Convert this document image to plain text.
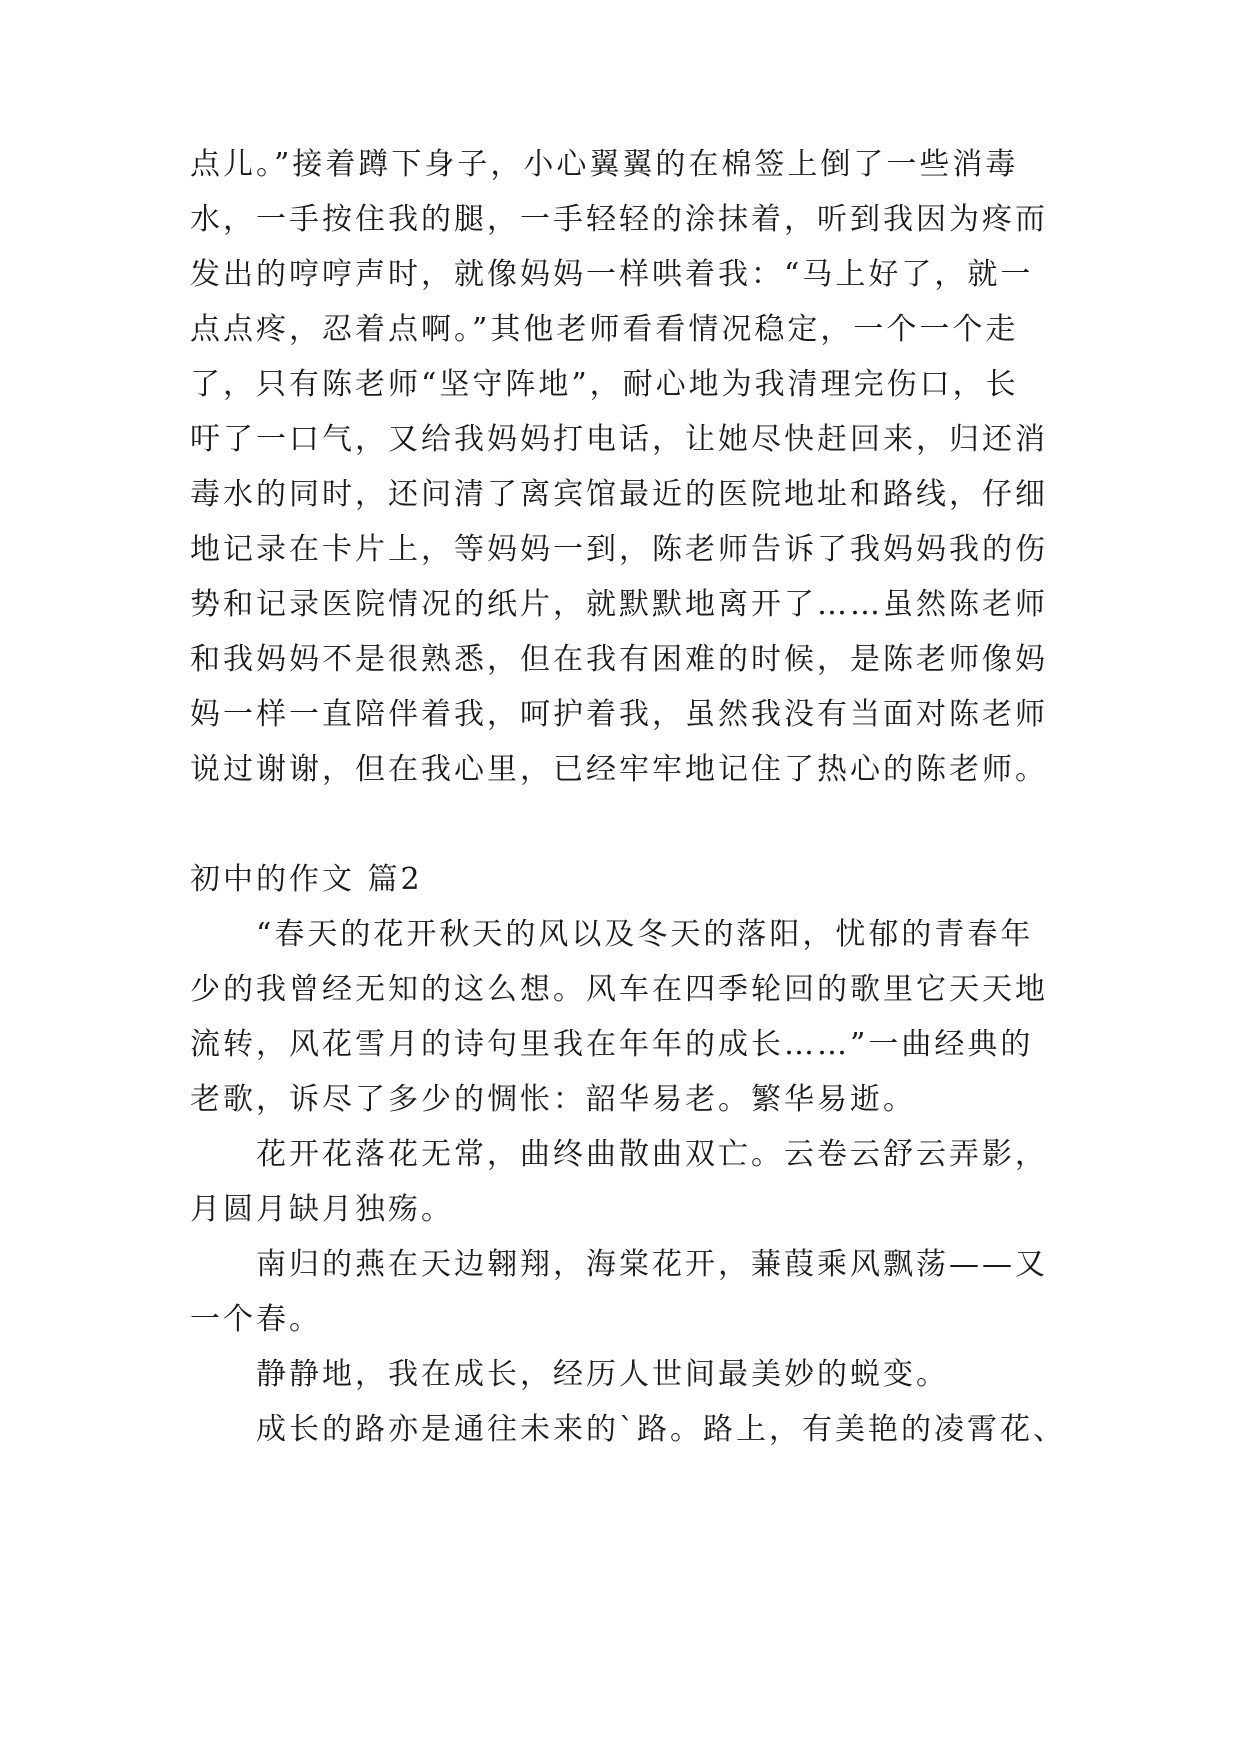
点儿。”接着蹲下身子，小心翼翼的在棉签上倒了一些消毒
水，一手按住我的腿，一手轻轻的涂抹着，听到我因为疼而
发出的哼哼声时，就像妈妈一样哄着我：“马上好了，就一
点点疼，忍着点啊。”其他老师看看情况稳定，一个一个走
了，只有陈老师“坚守阵地”，耐心地为我清理完伤口，长
吁了一口气，又给我妈妈打电话，让她尽快赶回来，归还消
毒水的同时，还问清了离宾馆最近的医院地址和路线，仔细
地记录在卡片上，等妈妈一到，陈老师告诉了我妈妈我的伤
势和记录医院情况的纸片，就默默地离开了……虽然陈老师
和我妈妈不是很熟悉，但在我有困难的时候，是陈老师像妈
妈一样一直陪伴着我，呵护着我，虽然我没有当面对陈老师
说过谢谢，但在我心里，已经牢牢地记住了热心的陈老师。
初中的作文 篇2
“春天的花开秋天的风以及冬天的落阳，忧郁的青春年
少的我曾经无知的这么想。风车在四季轮回的歌里它天天地
流转，风花雪月的诗句里我在年年的成长……”一曲经典的
老歌，诉尽了多少的惆怅：韶华易老。繁华易逝。
花开花落花无常，曲终曲散曲双亡。云卷云舒云弄影，
月圆月缺月独殇。
南归的燕在天边翱翔，海棠花开，蒹葭乘风飘荡——又
一个春。
静静地，我在成长，经历人世间最美妙的蜕变。
成长的路亦是通往未来的`路。路上，有美艳的凌霄花、
